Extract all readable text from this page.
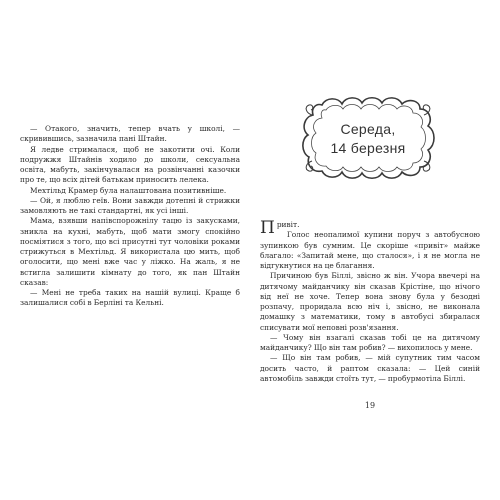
— Отакого, значить, тепер вчать у школі, — скривившись, зазначила пані Штайн.

Я ледве стрималася, щоб не закотити очі. Коли подружжя Штайнів ходило до школи, сексуальна освіта, мабуть, закінчувалася на розвінчанні казочки про те, що всіх дітей батькам приносить лелека.

Мехтільд Крамер була налаштована позитивніше.

— Ой, я люблю геїв. Вони завжди дотепні й стрижки замовляють не такі стандартні, як усі інші.

Мама, взявши напівспорожнілу тацю із закусками, зникла на кухні, мабуть, щоб мати змогу спокійно посміятися з того, що всі присутні тут чоловіки роками стрижуться в Мехтільд. Я використала цю мить, щоб оголосити, що мені вже час у ліжко. На жаль, я не встигла залишити кімнату до того, як пан Штайн сказав:

— Мені не треба таких на нашій вулиці. Краще б залишалися собі в Берліні та Кельні.

Середа,
14 березня

Привіт.

Голос неопалимої купини поруч з автобусною зупинкою був сумним. Це скоріше «привіт» майже благало: «Запитай мене, що сталося», і я не могла не відгукнутися на це благання.

Причиною був Біллі, звісно ж він. Учора ввечері на дитячому майданчику він сказав Крістіне, що нічого від неї не хоче. Тепер вона знову була у безодні розпачу, проридала всю ніч і, звісно, не виконала домашку з математики, тому в автобусі збиралася списувати мої неповні розв'язання.

— Чому він взагалі сказав тобі це на дитячому майданчику? Що він там робив? — вихопилось у мене.

— Що він там робив, — мій супутник тим часом досить часто, й раптом сказала: — Цей синій автомобіль завжди стоїть тут, — пробурмотіла Біллі.

19
